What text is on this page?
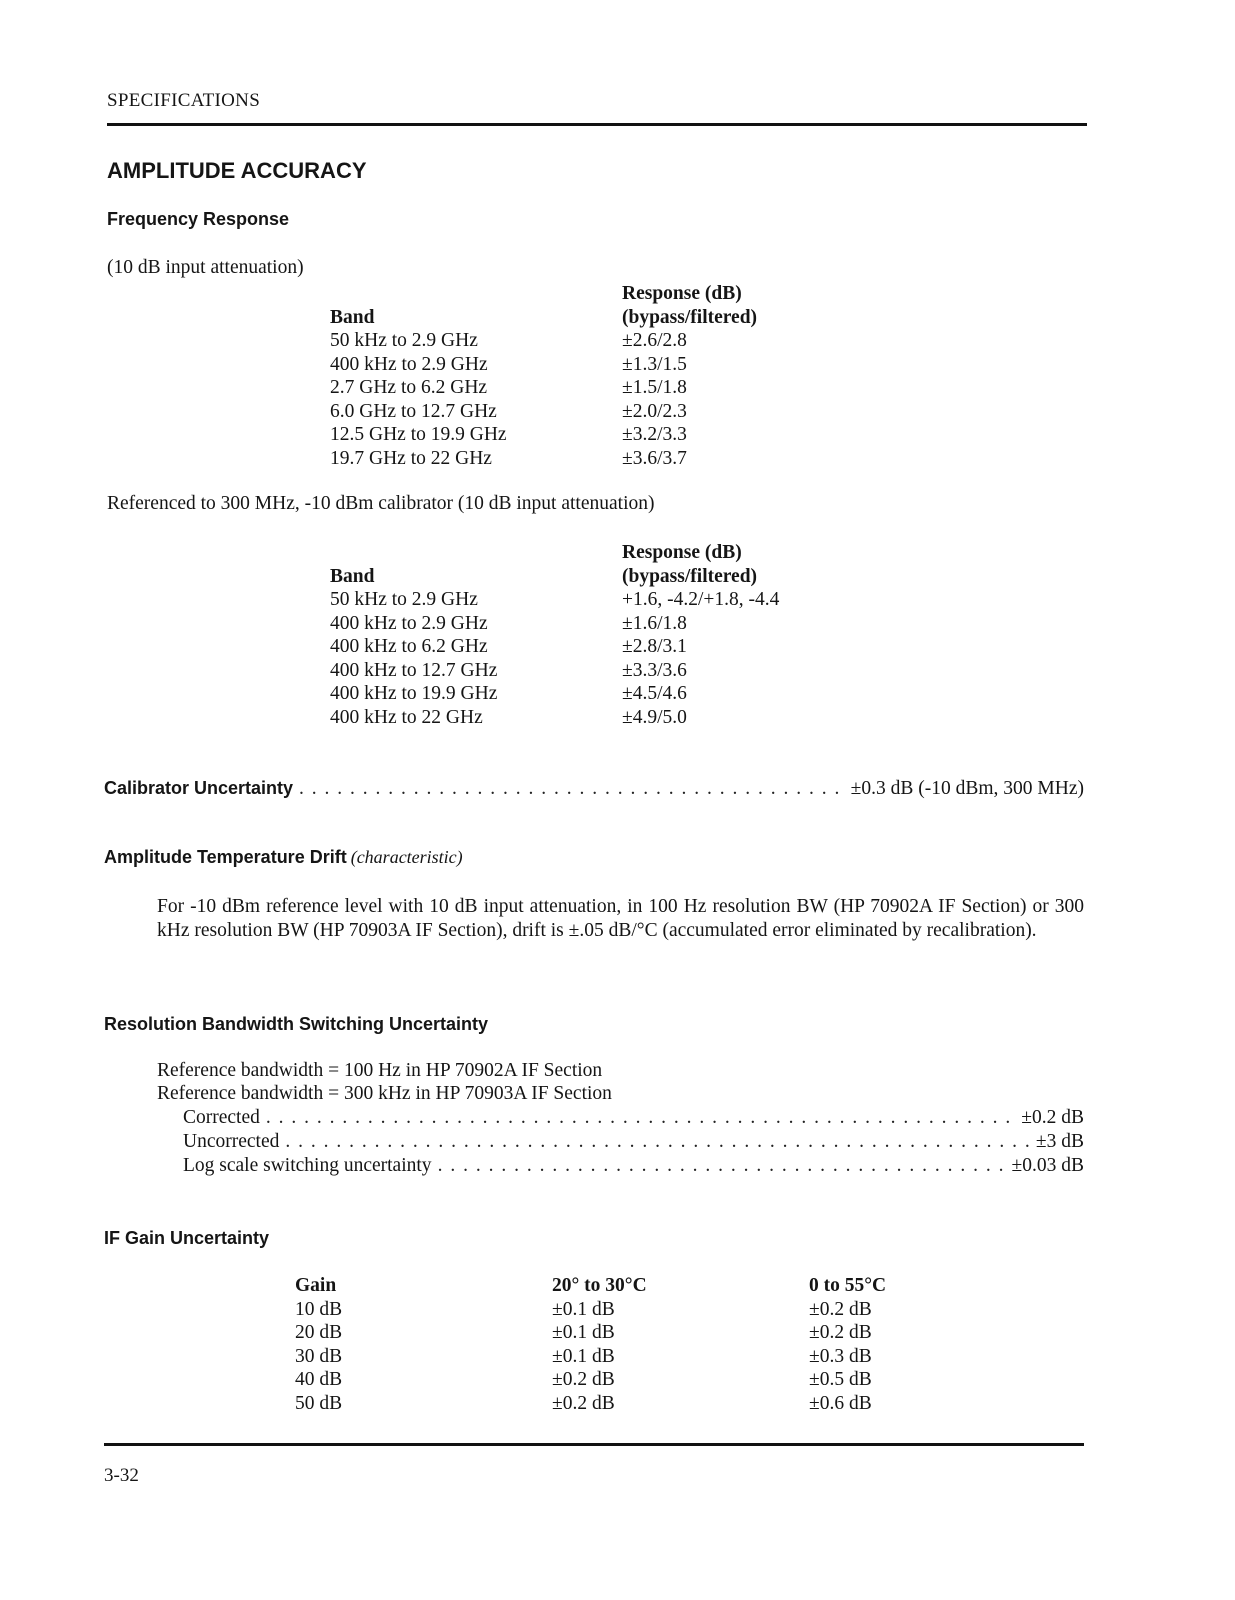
SPECIFICATIONS
AMPLITUDE ACCURACY
Frequency Response
(10 dB input attenuation)
Response (dB)
Band	(bypass/filtered)
50 kHz to 2.9 GHz	±2.6/2.8
400 kHz to 2.9 GHz	±1.3/1.5
2.7 GHz to 6.2 GHz	±1.5/1.8
6.0 GHz to 12.7 GHz	±2.0/2.3
12.5 GHz to 19.9 GHz	±3.2/3.3
19.7 GHz to 22 GHz	±3.6/3.7
Referenced to 300 MHz, -10 dBm calibrator (10 dB input attenuation)
Response (dB)
Band	(bypass/filtered)
50 kHz to 2.9 GHz	+1.6, -4.2/+1.8, -4.4
400 kHz to 2.9 GHz	±1.6/1.8
400 kHz to 6.2 GHz	±2.8/3.1
400 kHz to 12.7 GHz	±3.3/3.6
400 kHz to 19.9 GHz	±4.5/4.6
400 kHz to 22 GHz	±4.9/5.0
Calibrator Uncertainty . . .	±0.3 dB (-10 dBm, 300 MHz)
Amplitude Temperature Drift (characteristic)
For -10 dBm reference level with 10 dB input attenuation, in 100 Hz resolution BW (HP 70902A IF Section) or 300 kHz resolution BW (HP 70903A IF Section), drift is ±.05 dB/°C (accumulated error eliminated by recalibration).
Resolution Bandwidth Switching Uncertainty
Reference bandwidth = 100 Hz in HP 70902A IF Section
Reference bandwidth = 300 kHz in HP 70903A IF Section
Corrected . . .	±0.2 dB
Uncorrected . . .	±3 dB
Log scale switching uncertainty . . .	±0.03 dB
IF Gain Uncertainty
Gain	20° to 30°C	0 to 55°C
10 dB	±0.1 dB	±0.2 dB
20 dB	±0.1 dB	±0.2 dB
30 dB	±0.1 dB	±0.3 dB
40 dB	±0.2 dB	±0.5 dB
50 dB	±0.2 dB	±0.6 dB
3-32
